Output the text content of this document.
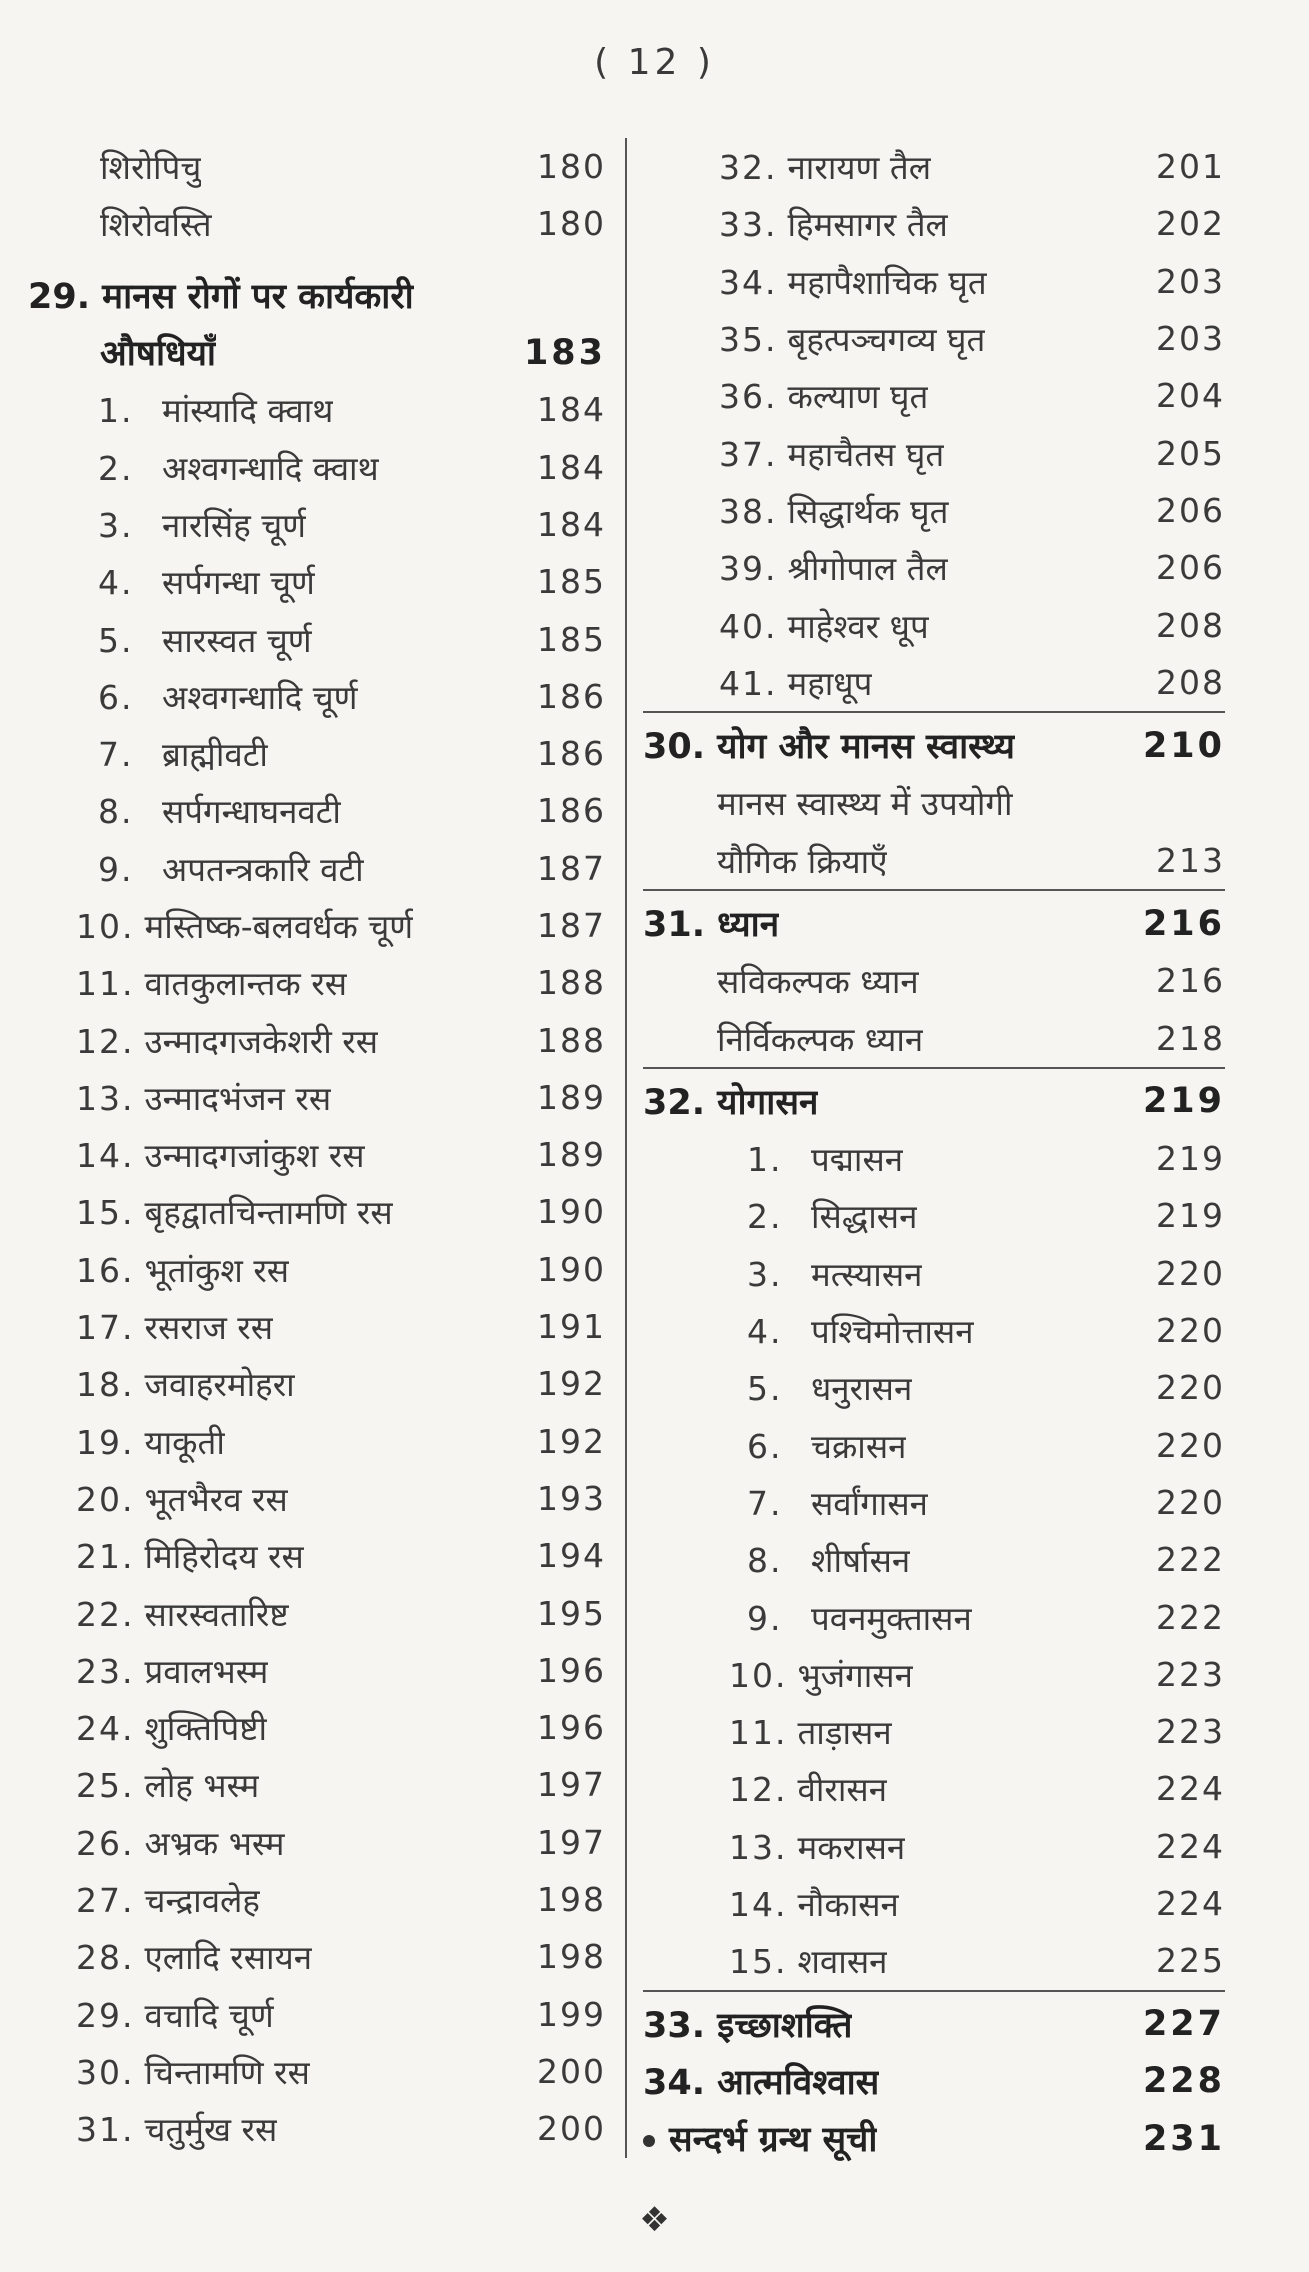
( 12 )
शिरोपिचु	180
शिरोवस्ति	180
29. मानस रोगों पर कार्यकारी
औषधियाँ	183
1. मांस्यादि क्वाथ	184
2. अश्वगन्धादि क्वाथ	184
3. नारसिंह चूर्ण	184
4. सर्पगन्धा चूर्ण	185
5. सारस्वत चूर्ण	185
6. अश्वगन्धादि चूर्ण	186
7. ब्राह्मीवटी	186
8. सर्पगन्धाघनवटी	186
9. अपतन्त्रकारि वटी	187
10. मस्तिष्क-बलवर्धक चूर्ण	187
11. वातकुलान्तक रस	188
12. उन्मादगजकेशरी रस	188
13. उन्मादभंजन रस	189
14. उन्मादगजांकुश रस	189
15. बृहद्वातचिन्तामणि रस	190
16. भूतांकुश रस	190
17. रसराज रस	191
18. जवाहरमोहरा	192
19. याकूती	192
20. भूतभैरव रस	193
21. मिहिरोदय रस	194
22. सारस्वतारिष्ट	195
23. प्रवालभस्म	196
24. शुक्तिपिष्टी	196
25. लोह भस्म	197
26. अभ्रक भस्म	197
27. चन्द्रावलेह	198
28. एलादि रसायन	198
29. वचादि चूर्ण	199
30. चिन्तामणि रस	200
31. चतुर्मुख रस	200
32. नारायण तैल	201
33. हिमसागर तैल	202
34. महापैशाचिक घृत	203
35. बृहत्पञ्चगव्य घृत	203
36. कल्याण घृत	204
37. महाचैतस घृत	205
38. सिद्धार्थक घृत	206
39. श्रीगोपाल तैल	206
40. माहेश्वर धूप	208
41. महाधूप	208
30. योग और मानस स्वास्थ्य	210
मानस स्वास्थ्य में उपयोगी
यौगिक क्रियाएँ	213
31. ध्यान	216
सविकल्पक ध्यान	216
निर्विकल्पक ध्यान	218
32. योगासन	219
1. पद्मासन	219
2. सिद्धासन	219
3. मत्स्यासन	220
4. पश्चिमोत्तासन	220
5. धनुरासन	220
6. चक्रासन	220
7. सर्वांगासन	220
8. शीर्षासन	222
9. पवनमुक्तासन	222
10. भुजंगासन	223
11. ताड़ासन	223
12. वीरासन	224
13. मकरासन	224
14. नौकासन	224
15. शवासन	225
33. इच्छाशक्ति	227
34. आत्मविश्वास	228
सन्दर्भ ग्रन्थ सूची	231
❖
